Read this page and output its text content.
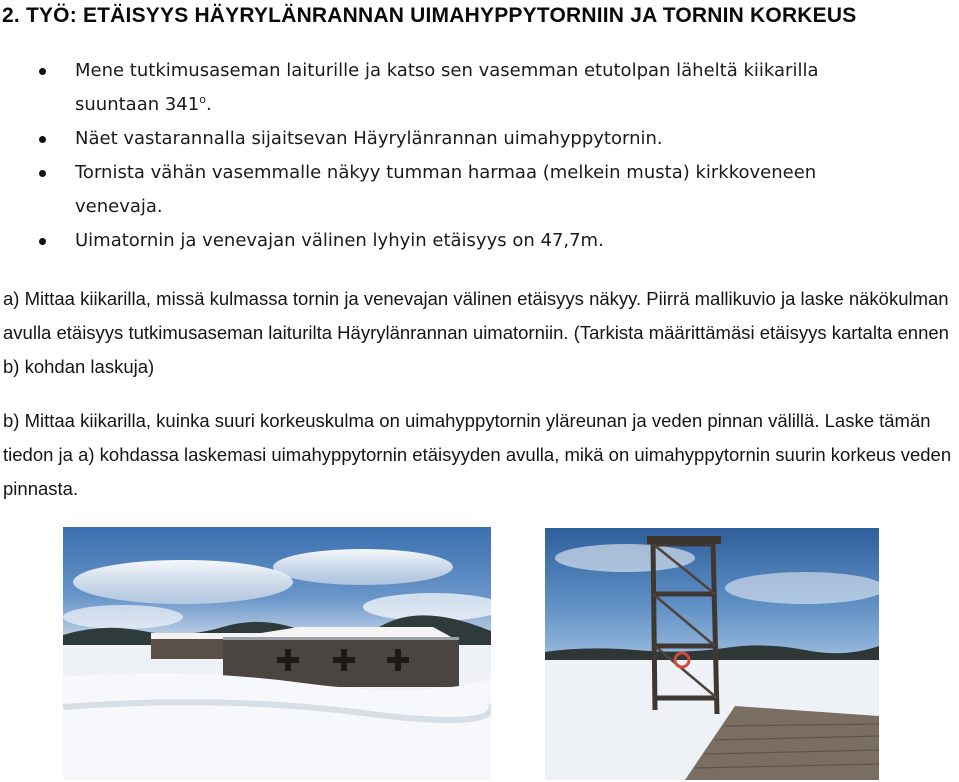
2. TYÖ: ETÄISYYS HÄYRYLÄNRANNAN UIMAHYPPYTORNIIN JA TORNIN KORKEUS
Mene tutkimusaseman laiturille ja katso sen vasemman etutolpan läheltä kiikarilla suuntaan 341$^o$.
Näet vastarannalla sijaitsevan Häyrylänrannan uimahyppytornin.
Tornista vähän vasemmalle näkyy tumman harmaa (melkein musta) kirkkoveneen venevaja.
Uimatornin ja venevajan välinen lyhyin etäisyys on 47,7m.

a) Mittaa kiikarilla, missä kulmassa tornin ja venevajan välinen etäisyys näkyy. Piirrä mallikuvio ja laske näkökulman avulla etäisyys tutkimusaseman laiturilta Häyrylänrannan uimatorniin. (Tarkista määrittämäsi etäisyys kartalta ennen b) kohdan laskuja)

b) Mittaa kiikarilla, kuinka suuri korkeuskulma on uimahyppytornin yläreunan ja veden pinnan välillä. Laske tämän tiedon ja a) kohdassa laskemasi uimahyppytornin etäisyyden avulla, mikä on uimahyppytornin suurin korkeus veden pinnasta.
